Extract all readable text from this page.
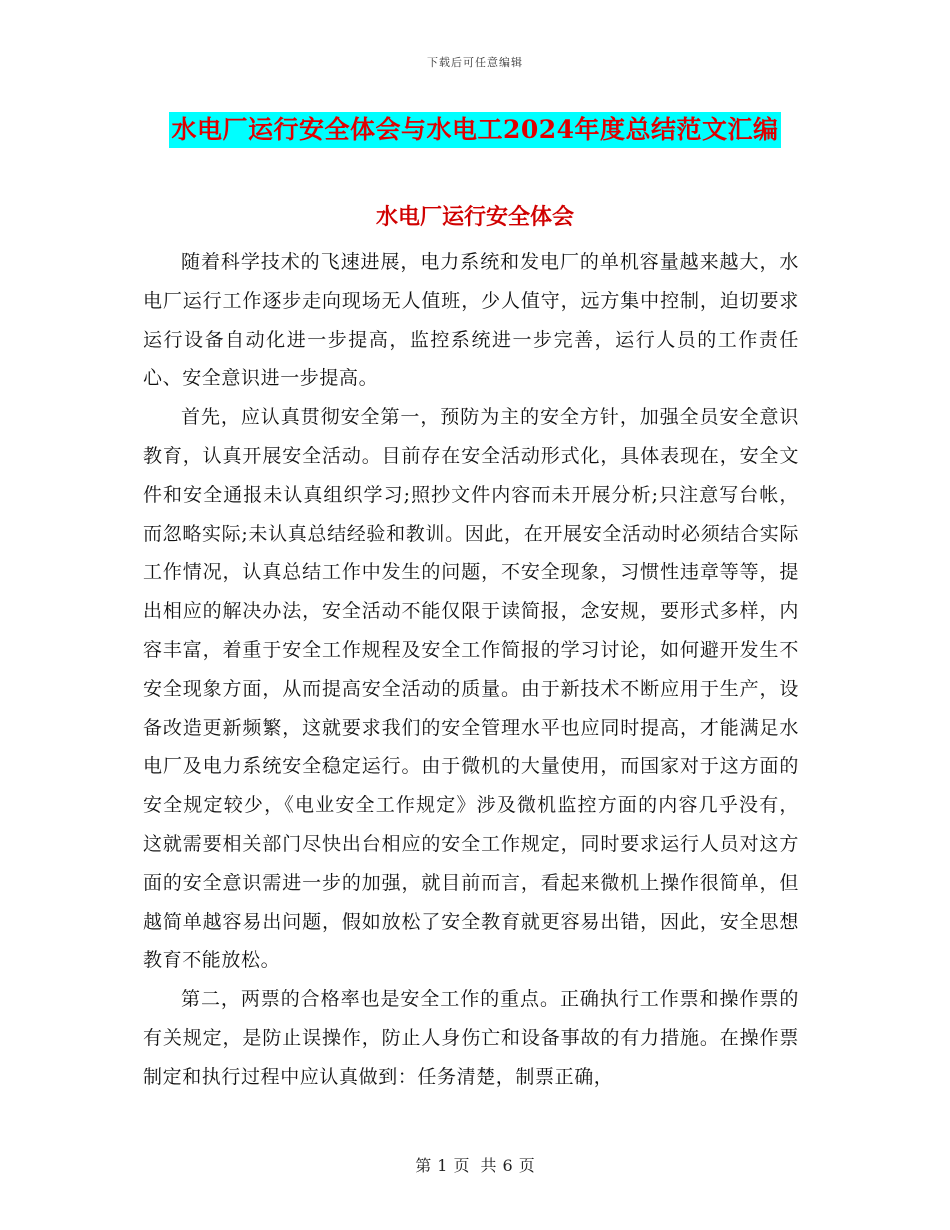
下载后可任意编辑
水电厂运行安全体会与水电工2024年度总结范文汇编
水电厂运行安全体会

随着科学技术的飞速进展，电力系统和发电厂的单机容量越来越大，水电厂运行工作逐步走向现场无人值班，少人值守，远方集中控制，迫切要求运行设备自动化进一步提高，监控系统进一步完善，运行人员的工作责任心、安全意识进一步提高。

首先，应认真贯彻安全第一，预防为主的安全方针，加强全员安全意识教育，认真开展安全活动。目前存在安全活动形式化，具体表现在，安全文件和安全通报未认真组织学习;照抄文件内容而未开展分析;只注意写台帐，而忽略实际;未认真总结经验和教训。因此，在开展安全活动时必须结合实际工作情况，认真总结工作中发生的问题，不安全现象，习惯性违章等等，提出相应的解决办法，安全活动不能仅限于读简报，念安规，要形式多样，内容丰富，着重于安全工作规程及安全工作简报的学习讨论，如何避开发生不安全现象方面，从而提高安全活动的质量。由于新技术不断应用于生产，设备改造更新频繁，这就要求我们的安全管理水平也应同时提高，才能满足水电厂及电力系统安全稳定运行。由于微机的大量使用，而国家对于这方面的安全规定较少，《电业安全工作规定》涉及微机监控方面的内容几乎没有，这就需要相关部门尽快出台相应的安全工作规定，同时要求运行人员对这方面的安全意识需进一步的加强，就目前而言，看起来微机上操作很简单，但越简单越容易出问题，假如放松了安全教育就更容易出错，因此，安全思想教育不能放松。

第二，两票的合格率也是安全工作的重点。正确执行工作票和操作票的有关规定，是防止误操作，防止人身伤亡和设备事故的有力措施。在操作票制定和执行过程中应认真做到：任务清楚，制票正确，

第 1 页 共 6 页
